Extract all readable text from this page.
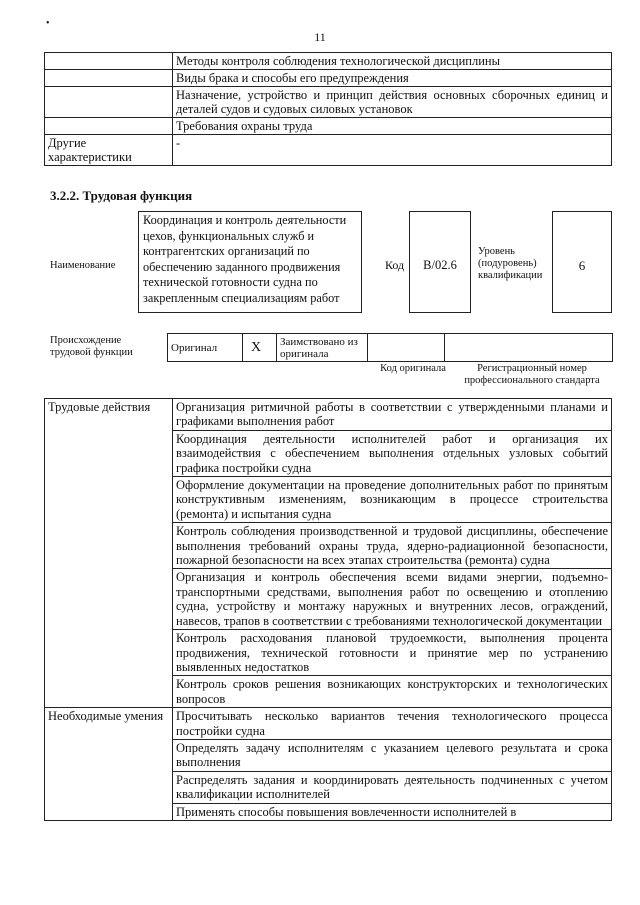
•
11
	Методы контроля соблюдения технологической дисциплины
	Виды брака и способы его предупреждения
	Назначение, устройство и принцип действия основных сборочных единиц и деталей судов и судовых силовых установок
	Требования охраны труда
Другие характеристики	-
3.2.2. Трудовая функция
Наименование
Координация и контроль деятельности цехов, функциональных служб и контрагентских организаций по обеспечению заданного продвижения технической готовности судна по закрепленным специализациям работ
Код	B/02.6
Уровень (подуровень) квалификации
6
Происхождение трудовой функции	Оригинал	X	Заимствовано из оригинала		
Код оригинала	Регистрационный номер профессионального стандарта
Трудовые действия	Организация ритмичной работы в соответствии с утвержденными планами и графиками выполнения работ
	Координация деятельности исполнителей работ и организация их взаимодействия с обеспечением выполнения отдельных узловых событий графика постройки судна
	Оформление документации на проведение дополнительных работ по принятым конструктивным изменениям, возникающим в процессе строительства (ремонта) и испытания судна
	Контроль соблюдения производственной и трудовой дисциплины, обеспечение выполнения требований охраны труда, ядерно-радиационной безопасности, пожарной безопасности на всех этапах строительства (ремонта) судна
	Организация и контроль обеспечения всеми видами энергии, подъемно-транспортными средствами, выполнения работ по освещению и отоплению судна, устройству и монтажу наружных и внутренних лесов, ограждений, навесов, трапов в соответствии с требованиями технологической документации
	Контроль расходования плановой трудоемкости, выполнения процента продвижения, технической готовности и принятие мер по устранению выявленных недостатков
	Контроль сроков решения возникающих конструкторских и технологических вопросов
Необходимые умения	Просчитывать несколько вариантов течения технологического процесса постройки судна
	Определять задачу исполнителям с указанием целевого результата и срока выполнения
	Распределять задания и координировать деятельность подчиненных с учетом квалификации исполнителей
	Применять способы повышения вовлеченности исполнителей в
